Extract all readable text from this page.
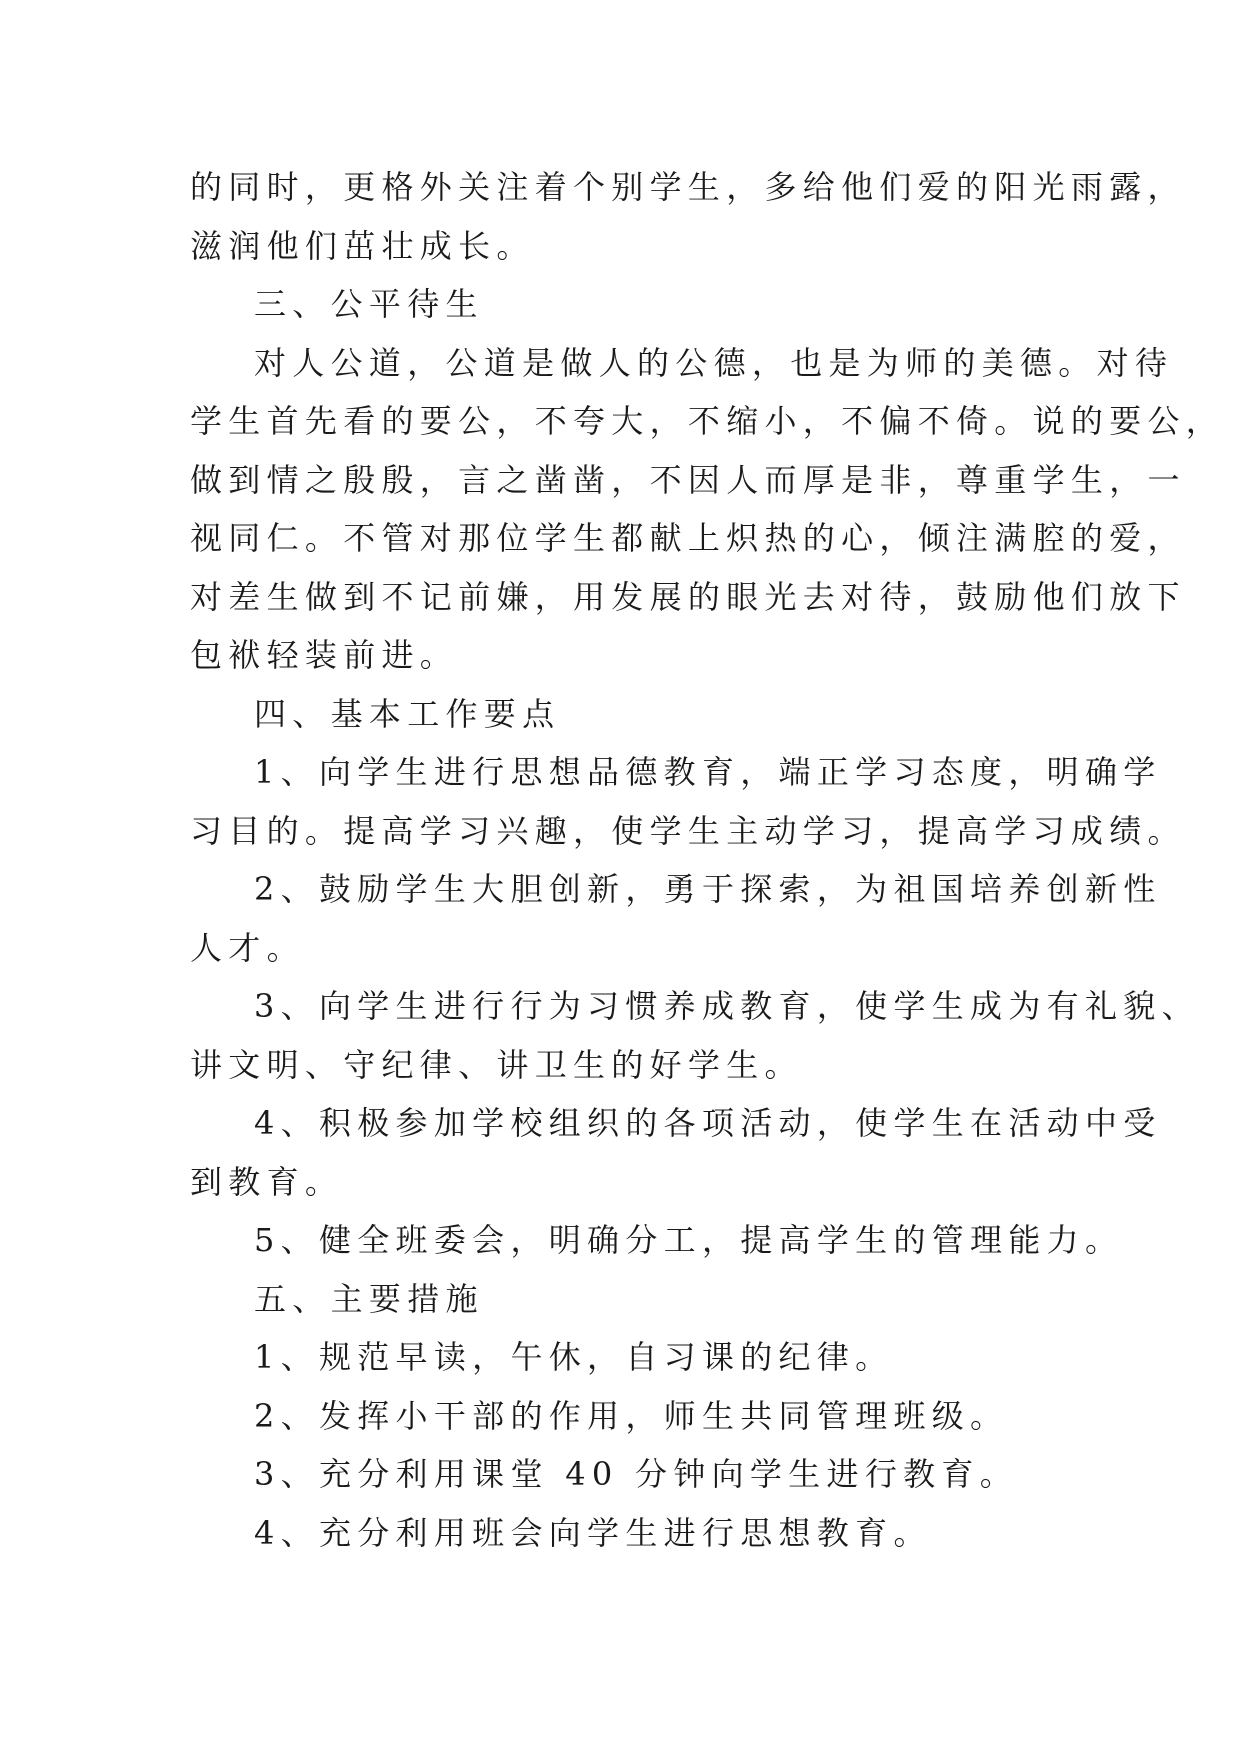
的同时，更格外关注着个别学生，多给他们爱的阳光雨露，
滋润他们茁壮成长。
三、公平待生
对人公道，公道是做人的公德，也是为师的美德。对待
学生首先看的要公，不夸大，不缩小，不偏不倚。说的要公，
做到情之殷殷，言之凿凿，不因人而厚是非，尊重学生，一
视同仁。不管对那位学生都献上炽热的心，倾注满腔的爱，
对差生做到不记前嫌，用发展的眼光去对待，鼓励他们放下
包袱轻装前进。
四、基本工作要点
1、向学生进行思想品德教育，端正学习态度，明确学
习目的。提高学习兴趣，使学生主动学习，提高学习成绩。
2、鼓励学生大胆创新，勇于探索，为祖国培养创新性
人才。
3、向学生进行行为习惯养成教育，使学生成为有礼貌、
讲文明、守纪律、讲卫生的好学生。
4、积极参加学校组织的各项活动，使学生在活动中受
到教育。
5、健全班委会，明确分工，提高学生的管理能力。
五、主要措施
1、规范早读，午休，自习课的纪律。
2、发挥小干部的作用，师生共同管理班级。
3、充分利用课堂 40 分钟向学生进行教育。
4、充分利用班会向学生进行思想教育。
